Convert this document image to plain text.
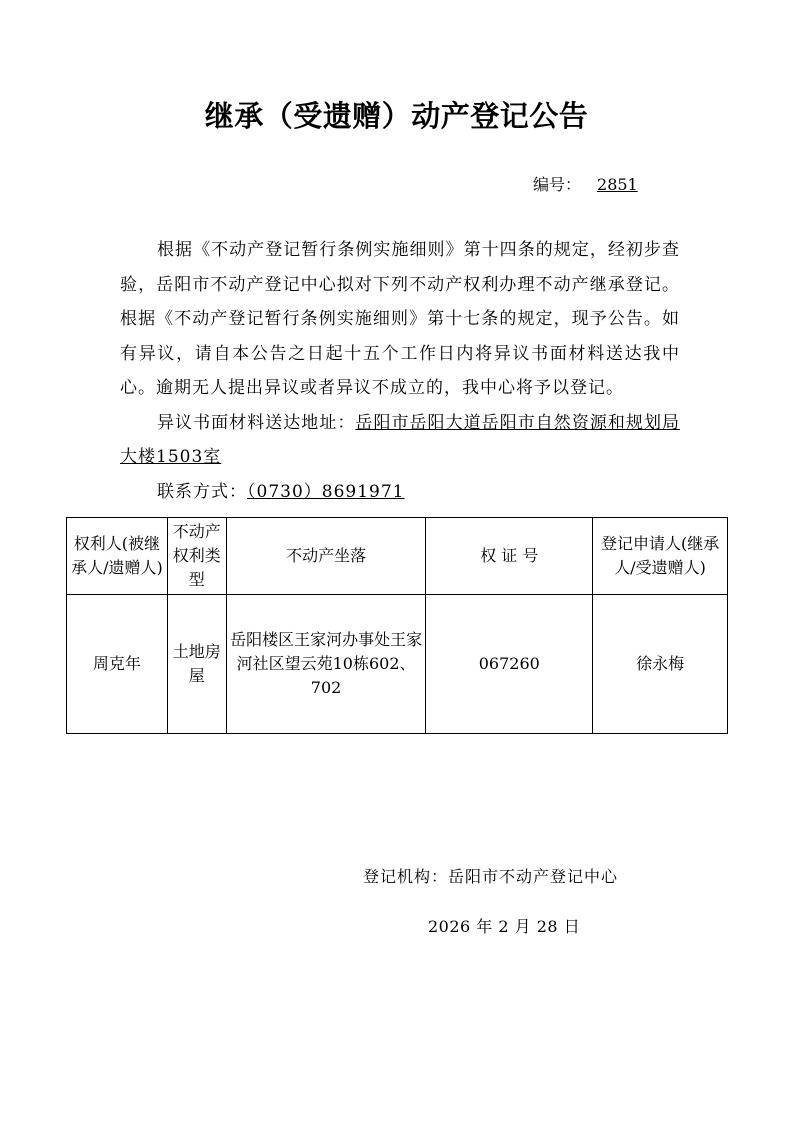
继承（受遗赠）动产登记公告
编号： 2851

根据《不动产登记暂行条例实施细则》第十四条的规定，经初步查验，岳阳市不动产登记中心拟对下列不动产权利办理不动产继承登记。根据《不动产登记暂行条例实施细则》第十七条的规定，现予公告。如有异议，请自本公告之日起十五个工作日内将异议书面材料送达我中心。逾期无人提出异议或者异议不成立的，我中心将予以登记。

异议书面材料送达地址：岳阳市岳阳大道岳阳市自然资源和规划局大楼1503室

联系方式：（0730）8691971

权利人(被继承人/遗赠人)	不动产权利类型	不动产坐落	权 证 号	登记申请人(继承人/受遗赠人)
周克年	土地房屋	岳阳楼区王家河办事处王家河社区望云苑10栋602、702	067260	徐永梅
登记机构：岳阳市不动产登记中心
2026 年 2 月 28 日
